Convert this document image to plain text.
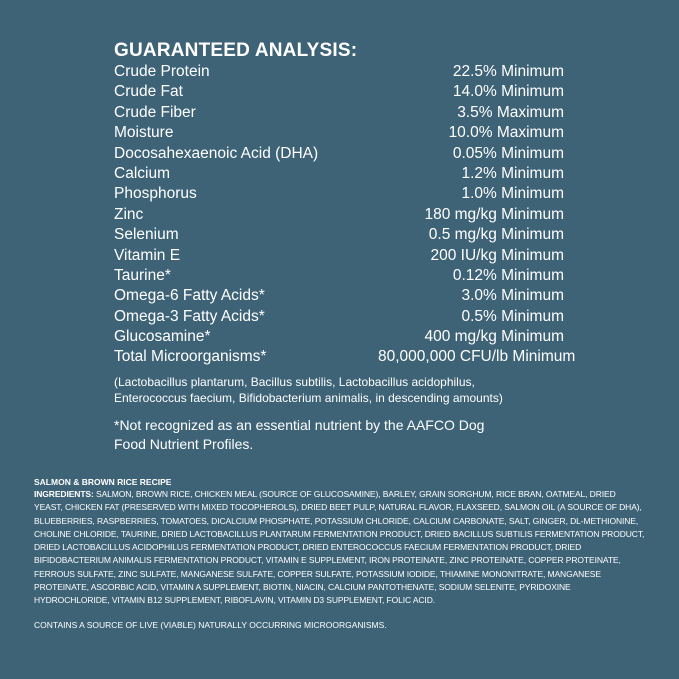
GUARANTEED ANALYSIS:
Crude Protein	22.5% Minimum
Crude Fat	14.0% Minimum
Crude Fiber	3.5% Maximum
Moisture	10.0% Maximum
Docosahexaenoic Acid (DHA)	0.05% Minimum
Calcium	1.2% Minimum
Phosphorus	1.0% Minimum
Zinc	180 mg/kg Minimum
Selenium	0.5 mg/kg Minimum
Vitamin E	200 IU/kg Minimum
Taurine*	0.12% Minimum
Omega-6 Fatty Acids*	3.0% Minimum
Omega-3 Fatty Acids*	0.5% Minimum
Glucosamine*	400 mg/kg Minimum
Total Microorganisms*	80,000,000 CFU/lb Minimum
(Lactobacillus plantarum, Bacillus subtilis, Lactobacillus acidophilus, Enterococcus faecium, Bifidobacterium animalis, in descending amounts)
*Not recognized as an essential nutrient by the AAFCO Dog Food Nutrient Profiles.
SALMON & BROWN RICE RECIPE

INGREDIENTS: SALMON, BROWN RICE, CHICKEN MEAL (SOURCE OF GLUCOSAMINE), BARLEY, GRAIN SORGHUM, RICE BRAN, OATMEAL, DRIED YEAST, CHICKEN FAT (PRESERVED WITH MIXED TOCOPHEROLS), DRIED BEET PULP, NATURAL FLAVOR, FLAXSEED, SALMON OIL (A SOURCE OF DHA), BLUEBERRIES, RASPBERRIES, TOMATOES, DICALCIUM PHOSPHATE, POTASSIUM CHLORIDE, CALCIUM CARBONATE, SALT, GINGER, DL-METHIONINE, CHOLINE CHLORIDE, TAURINE, DRIED LACTOBACILLUS PLANTARUM FERMENTATION PRODUCT, DRIED BACILLUS SUBTILIS FERMENTATION PRODUCT, DRIED LACTOBACILLUS ACIDOPHILUS FERMENTATION PRODUCT, DRIED ENTEROCOCCUS FAECIUM FERMENTATION PRODUCT, DRIED BIFIDOBACTERIUM ANIMALIS FERMENTATION PRODUCT, VITAMIN E SUPPLEMENT, IRON PROTEINATE, ZINC PROTEINATE, COPPER PROTEINATE, FERROUS SULFATE, ZINC SULFATE, MANGANESE SULFATE, COPPER SULFATE, POTASSIUM IODIDE, THIAMINE MONONITRATE, MANGANESE PROTEINATE, ASCORBIC ACID, VITAMIN A SUPPLEMENT, BIOTIN, NIACIN, CALCIUM PANTOTHENATE, SODIUM SELENITE, PYRIDOXINE HYDROCHLORIDE, VITAMIN B12 SUPPLEMENT, RIBOFLAVIN, VITAMIN D3 SUPPLEMENT, FOLIC ACID.

CONTAINS A SOURCE OF LIVE (VIABLE) NATURALLY OCCURRING MICROORGANISMS.
